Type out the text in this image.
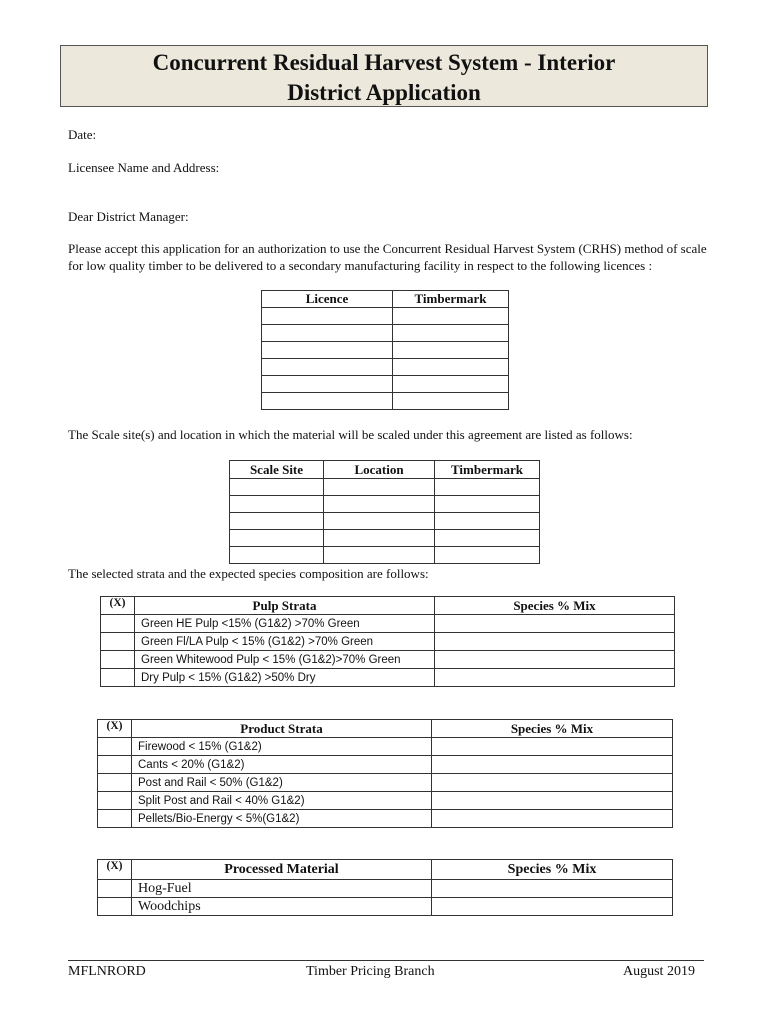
Concurrent Residual Harvest System - Interior
District Application
Date:
Licensee Name and Address:
Dear District Manager:
Please accept this application for an authorization to use the Concurrent Residual Harvest System (CRHS) method of scale for low quality timber to be delivered to a secondary manufacturing facility in respect to the following licences :
Licence	Timbermark

The Scale site(s) and location in which the material will be scaled under this agreement are listed as follows:
Scale Site	Location	Timbermark

The selected strata and the expected species composition are follows:
(X)	Pulp Strata	Species % Mix
	Green HE Pulp <15% (G1&2) >70% Green	
	Green Fl/LA Pulp < 15% (G1&2) >70% Green	
	Green Whitewood Pulp < 15% (G1&2)>70% Green	
	Dry Pulp < 15% (G1&2) >50% Dry	
(X)	Product Strata	Species % Mix
	Firewood < 15% (G1&2)	
	Cants < 20% (G1&2)	
	Post and Rail < 50% (G1&2)	
	Split Post and Rail < 40% G1&2)	
	Pellets/Bio-Energy < 5%(G1&2)	
(X)	Processed Material	Species % Mix
	Hog-Fuel	
	Woodchips	
MFLNRORD	Timber Pricing Branch	August 2019
